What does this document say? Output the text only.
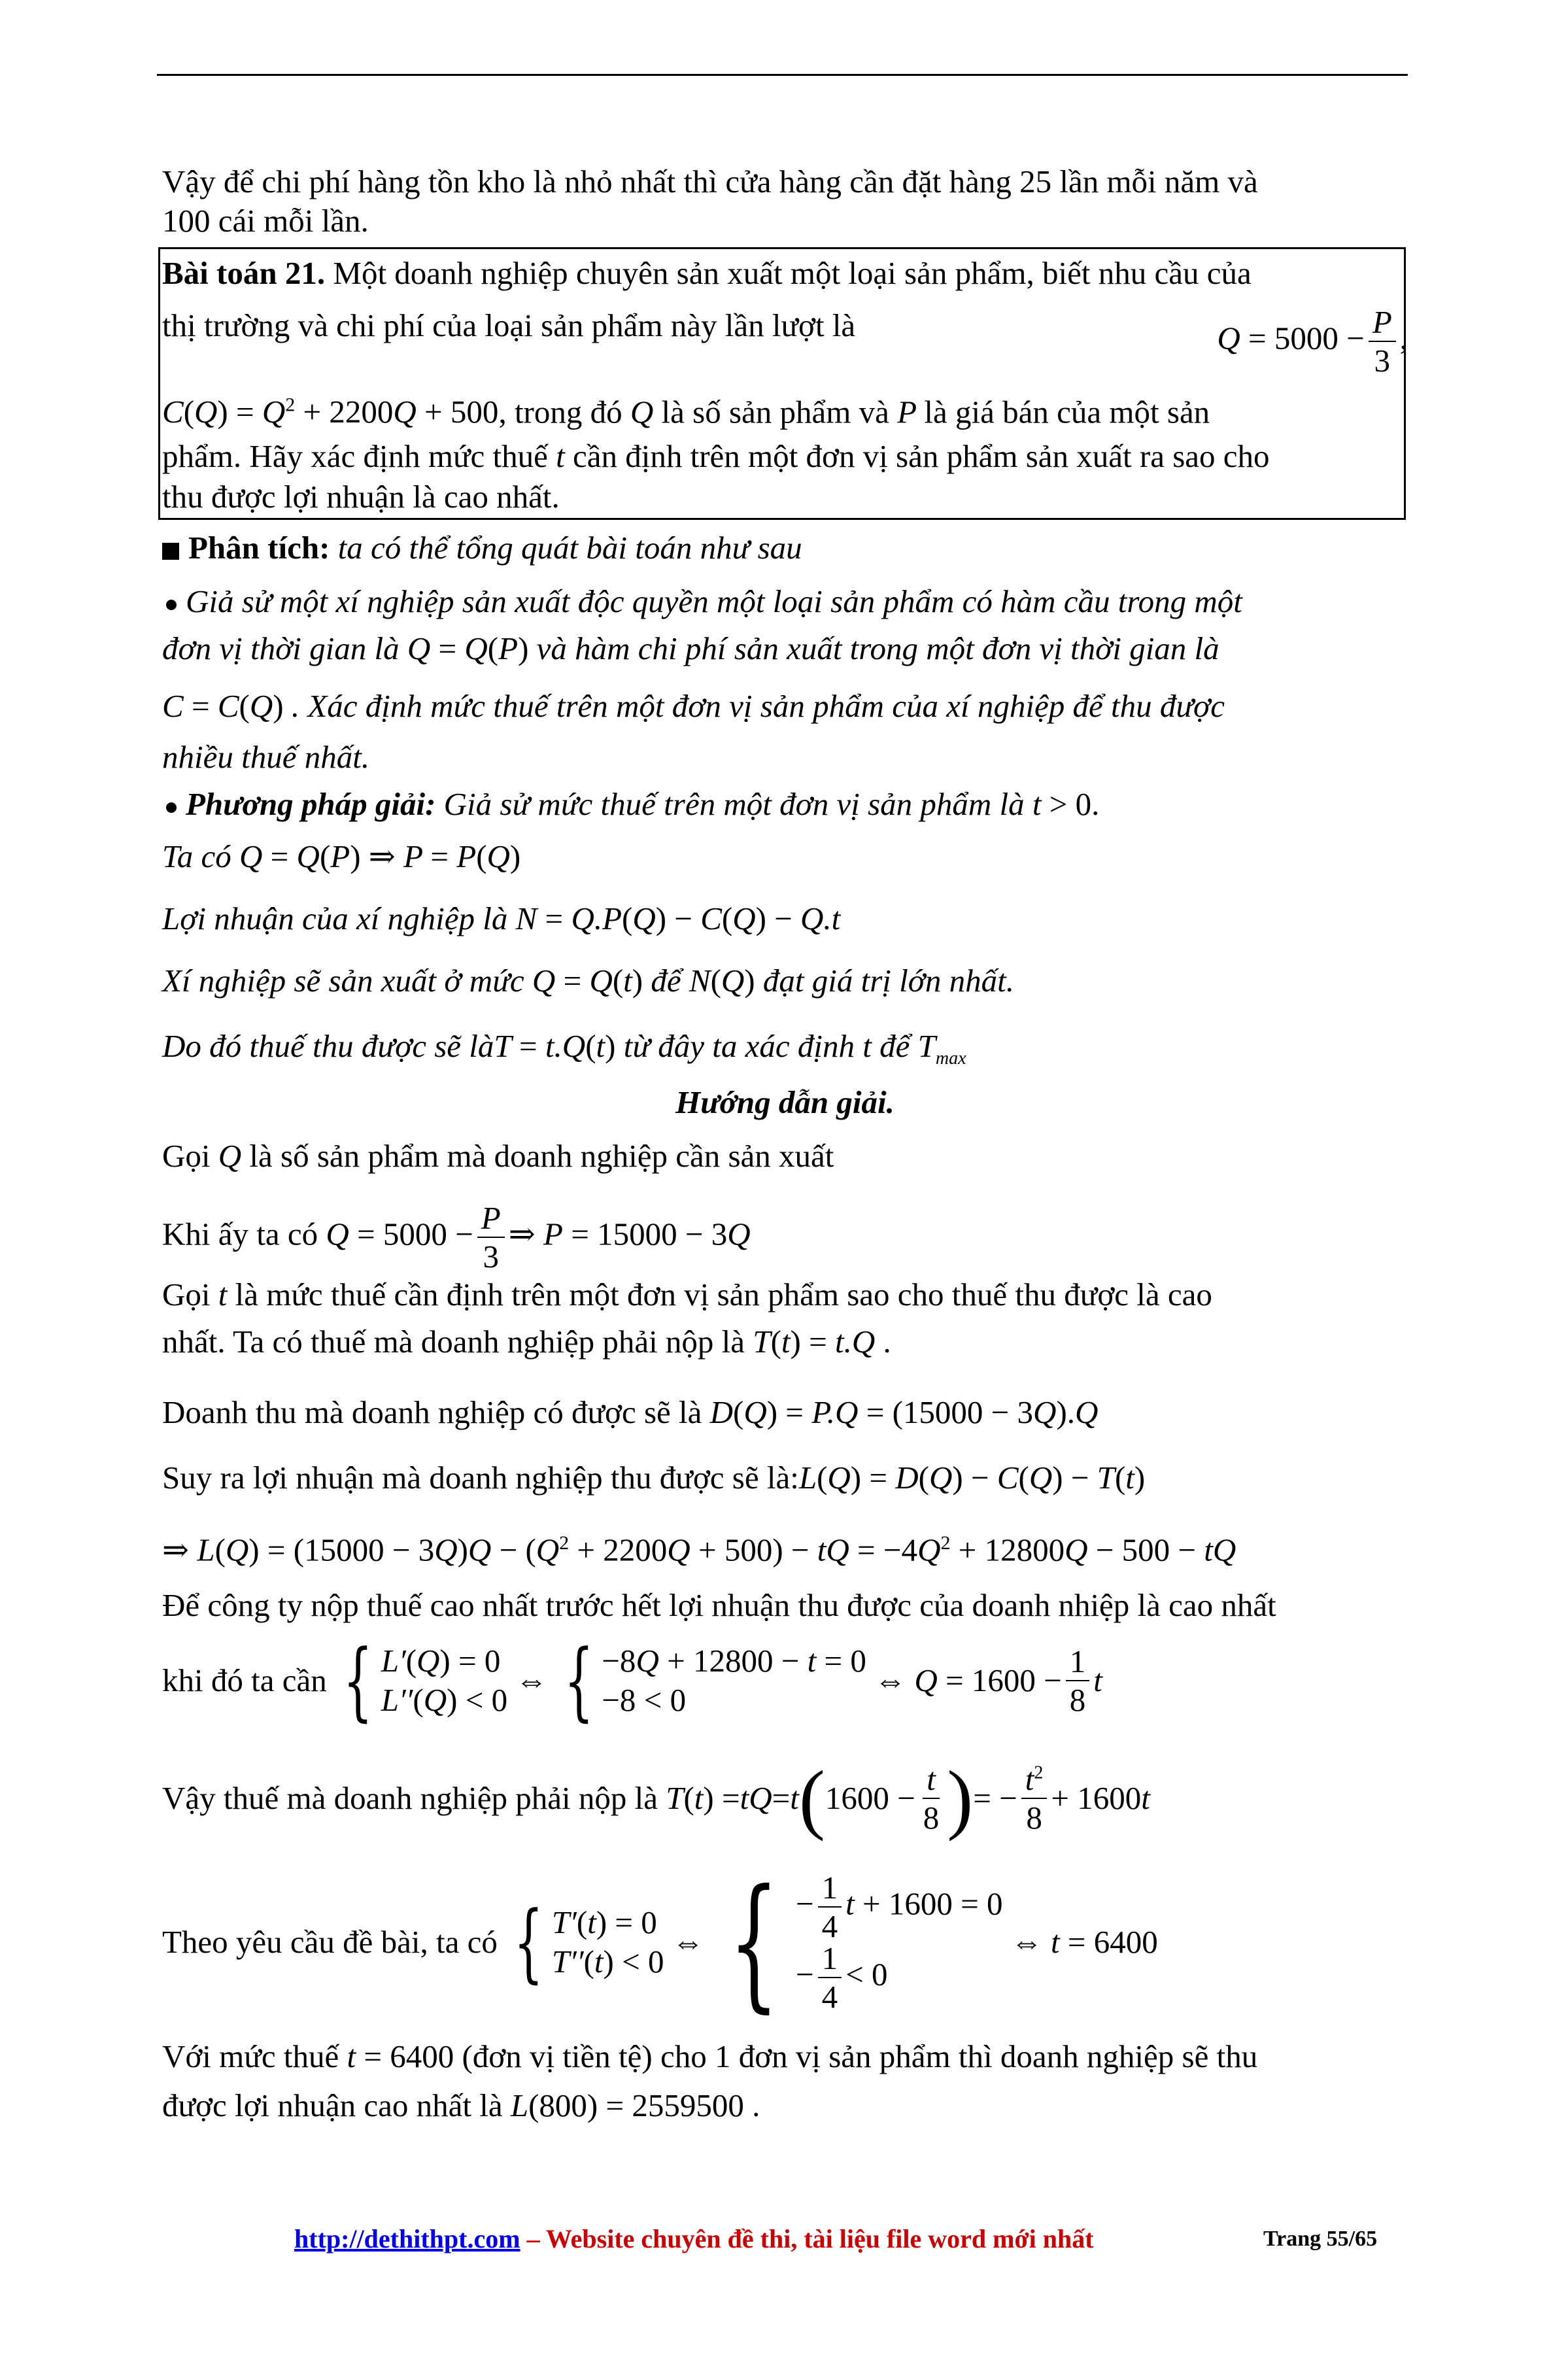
Vậy để chi phí hàng tồn kho là nhỏ nhất thì cửa hàng cần đặt hàng 25 lần mỗi năm và
100 cái mỗi lần.
Bài toán 21. Một doanh nghiệp chuyên sản xuất một loại sản phẩm, biết nhu cầu của
thị trường và chi phí của loại sản phẩm này lần lượt là	$Q = 5000 - \frac{P}{3}$ ,
$C(Q) = Q^2 + 2200Q + 500$, trong đó Q là số sản phẩm và P là giá bán của một sản
phẩm. Hãy xác định mức thuế t cần định trên một đơn vị sản phẩm sản xuất ra sao cho
thu được lợi nhuận là cao nhất.
Phân tích: ta có thể tổng quát bài toán như sau
Giả sử một xí nghiệp sản xuất độc quyền một loại sản phẩm có hàm cầu trong một
đơn vị thời gian là Q = Q(P) và hàm chi phí sản xuất trong một đơn vị thời gian là
C = C(Q) . Xác định mức thuế trên một đơn vị sản phẩm của xí nghiệp để thu được
nhiều thuế nhất.
Phương pháp giải: Giả sử mức thuế trên một đơn vị sản phẩm là t > 0.
Ta có Q = Q(P) ⇒ P = P(Q)
Lợi nhuận của xí nghiệp là N = Q.P(Q) − C(Q) − Q.t
Xí nghiệp sẽ sản xuất ở mức Q = Q(t) để N(Q) đạt giá trị lớn nhất.
Do đó thuế thu được sẽ làT = t.Q(t) từ đây ta xác định t để $T_{max}$
Hướng dẫn giải.
Gọi Q là số sản phẩm mà doanh nghiệp cần sản xuất
Khi ấy ta có $Q = 5000 - \frac{P}{3}$ ⇒ P = 15000 − 3Q
Gọi t là mức thuế cần định trên một đơn vị sản phẩm sao cho thuế thu được là cao
nhất. Ta có thuế mà doanh nghiệp phải nộp là T(t) = t.Q .
Doanh thu mà doanh nghiệp có được sẽ là D(Q) = P.Q = (15000 − 3Q).Q
Suy ra lợi nhuận mà doanh nghiệp thu được sẽ là:L(Q) = D(Q) − C(Q) − T(t)
⇒ $L(Q) = (15000 - 3Q)Q - (Q^2 + 2200Q + 500)$ − tQ = $-4Q^2 + 12800Q - 500$ − tQ
Để công ty nộp thuế cao nhất trước hết lợi nhuận thu được của doanh nhiệp là cao nhất
khi đó ta cần
{ L′(Q) = 0
L′′(Q) < 0
⇔ { −8Q + 12800 − t = 0
−8 < 0
⇔ $Q = 1600 - \frac{1}{8}$ t
Vậy thuế mà doanh nghiệp phải nộp là
T ( t ) = tQ = t ( $1600 - \frac{t}{8}$ ) = − $\frac{t^2}{8} + 1600$ t
Theo yêu cầu đề bài, ta có
{ T′(t) = 0
T′′(t) < 0
⇔ { − $\frac{1}{4}$ t + 1600 = 0
− $\frac{1}{4} < 0$
⇔ t = 6400
Với mức thuế t = 6400 (đơn vị tiền tệ) cho 1 đơn vị sản phẩm thì doanh nghiệp sẽ thu
được lợi nhuận cao nhất là L(800) = 2559500 .
http://dethithpt.com – Website chuyên đề thi, tài liệu file word mới nhất	Trang 55/65
